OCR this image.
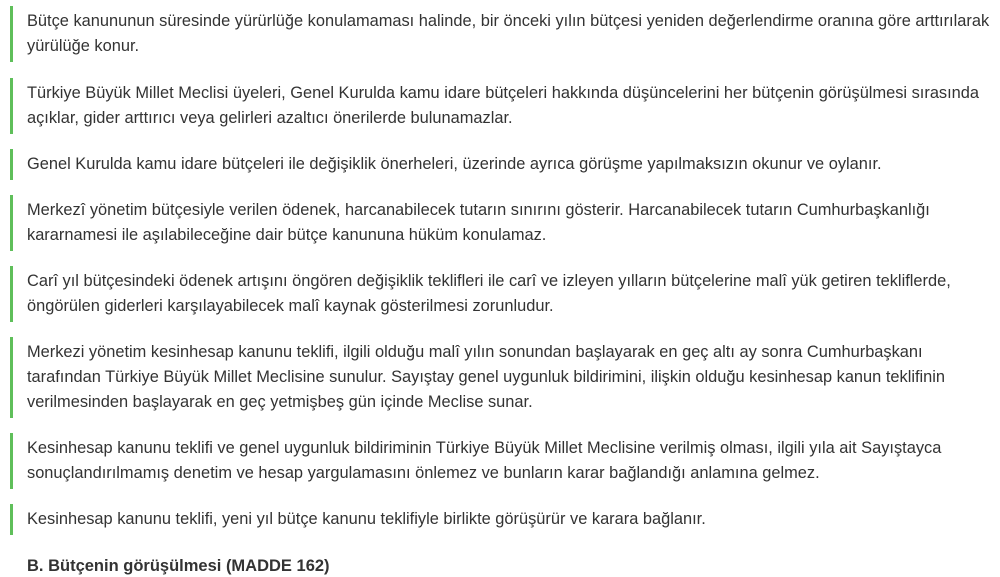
Bütçe kanununun süresinde yürürlüğe konulamaması halinde, bir önceki yılın bütçesi yeniden değerlendirme oranına göre arttırılarak yürülüğe konur.
Türkiye Büyük Millet Meclisi üyeleri, Genel Kurulda kamu idare bütçeleri hakkında düşüncelerini her bütçenin görüşülmesi sırasında açıklar, gider arttırıcı veya gelirleri azaltıcı önerilerde bulunamazlar.
Genel Kurulda kamu idare bütçeleri ile değişiklik önerheleri, üzerinde ayrıca görüşme yapılmaksızın okunur ve oylanır.
Merkezî yönetim bütçesiyle verilen ödenek, harcanabilecek tutarın sınırını gösterir. Harcanabilecek tutarın Cumhurbaşkanlığı kararnamesi ile aşılabileceğine dair bütçe kanununa hüküm konulamaz.
Carî yıl bütçesindeki ödenek artışını öngören değişiklik teklifleri ile carî ve izleyen yılların bütçelerine malî yük getiren tekliflerde, öngörülen giderleri karşılayabilecek malî kaynak gösterilmesi zorunludur.
Merkezi yönetim kesinhesap kanunu teklifi, ilgili olduğu malî yılın sonundan başlayarak en geç altı ay sonra Cumhurbaşkanı tarafından Türkiye Büyük Millet Meclisine sunulur. Sayıştay genel uygunluk bildirimini, ilişkin olduğu kesinhesap kanun teklifinin verilmesinden başlayarak en geç yetmişbeş gün içinde Meclise sunar.
Kesinhesap kanunu teklifi ve genel uygunluk bildiriminin Türkiye Büyük Millet Meclisine verilmiş olması, ilgili yıla ait Sayıştayca sonuçlandırılmamış denetim ve hesap yargulamasını önlemez ve bunların karar bağlandığı anlamına gelmez.
Kesinhesap kanunu teklifi, yeni yıl bütçe kanunu teklifiyle birlikte görüşürür ve karara bağlanır.
B. Bütçenin görüşülmesi (MADDE 162)
